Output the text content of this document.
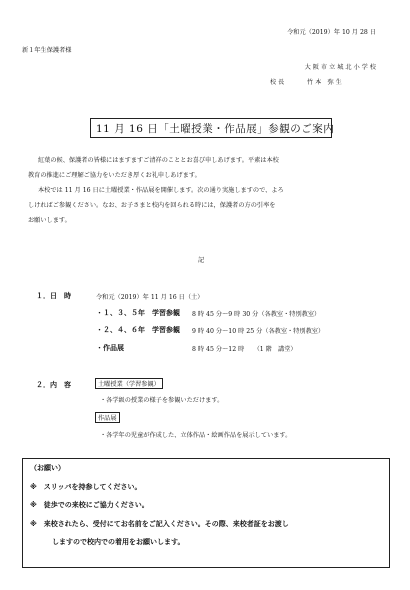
令和元（2019）年 10 月 28 日
新１年生保護者様
大 阪 市 立 城 北 小 学 校
校 長	竹 本　弥 生
11 月 16 日「土曜授業・作品展」参観のご案内
紅葉の候、保護者の皆様にはますますご清祥のこととお喜び申しあげます。平素は本校
教育の推進にご理解ご協力をいただき厚くお礼申しあげます。
本校では 11 月 16 日に土曜授業・作品展を開催します。次の通り実施しますので、よろ
しければご参観ください。なお、お子さまと校内を回られる時には，保護者の方の引率を
お願いします。
記
１．日　時	令和元（2019）年 11 月 16 日（土）
・１、３、５年　学習参観 8 時 45 分～9 時 30 分（各教室・特別教室）
・２、４、６年　学習参観 9 時 40 分～10 時 25 分（各教室・特別教室）
・作品展	8 時 45 分～12 時　　（1 階　講堂）
２．内　容	土曜授業（学習参観）
・各学級の授業の様子を参観いただけます。
作品展
・各学年の児童が作成した、立体作品・絵画作品を展示しています。
（お願い）
※　スリッパを持参してください。
※　徒歩での来校にご協力ください。
※　来校されたら、受付にてお名前をご記入ください。その際、来校者証をお渡し
しますので校内での着用をお願いします。
